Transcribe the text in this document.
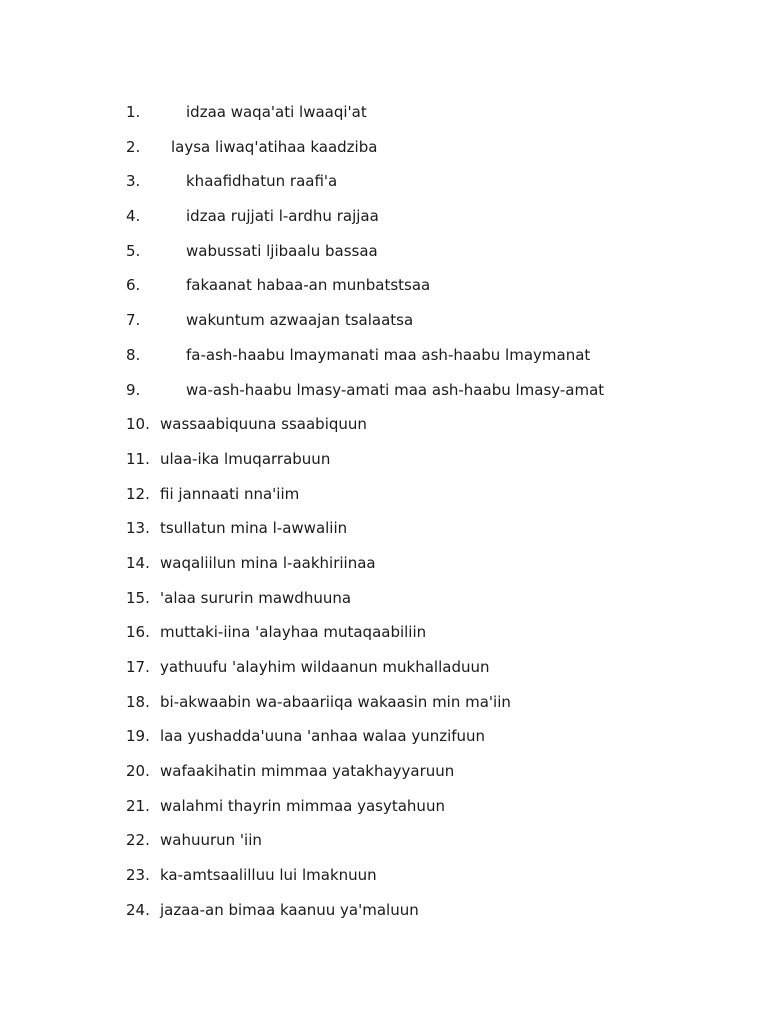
1.	idzaa waqa'ati lwaaqi'at
2. laysa liwaq'atihaa kaadziba
3.	khaafidhatun raafi'a
4.	idzaa rujjati l-ardhu rajjaa
5.	wabussati ljibaalu bassaa
6.	fakaanat habaa-an munbatstsaa
7.	wakuntum azwaajan tsalaatsa
8.	fa-ash-haabu lmaymanati maa ash-haabu lmaymanat
9.	wa-ash-haabu lmasy-amati maa ash-haabu lmasy-amat
10. wassaabiquuna ssaabiquun
11. ulaa-ika lmuqarrabuun
12. fii jannaati nna'iim
13. tsullatun mina l-awwaliin
14. waqaliilun mina l-aakhiriinaa
15. 'alaa sururin mawdhuuna
16. muttaki-iina 'alayhaa mutaqaabiliin
17. yathuufu 'alayhim wildaanun mukhalladuun
18. bi-akwaabin wa-abaariiqa wakaasin min ma'iin
19. laa yushadda'uuna 'anhaa walaa yunzifuun
20. wafaakihatin mimmaa yatakhayyaruun
21. walahmi thayrin mimmaa yasytahuun
22. wahuurun 'iin
23. ka-amtsaalilluu lui lmaknuun
24. jazaa-an bimaa kaanuu ya'maluun
